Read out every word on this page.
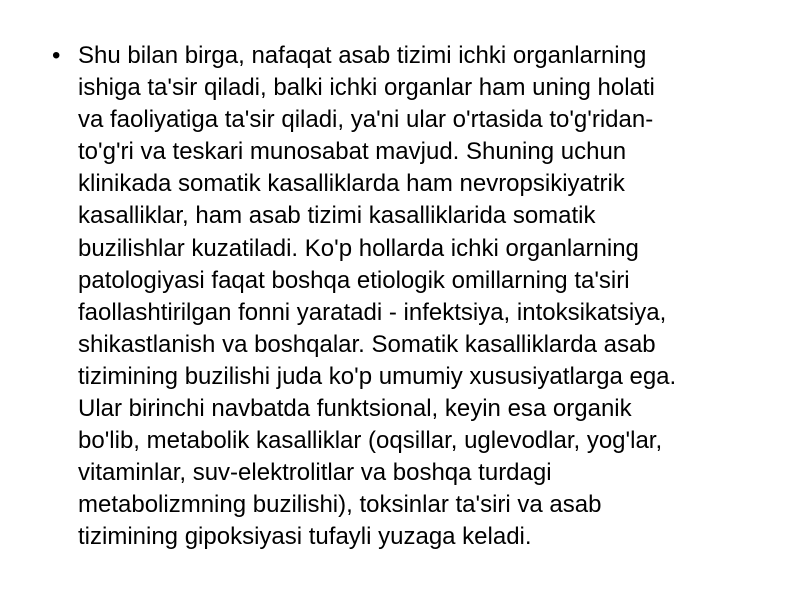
• Shu bilan birga, nafaqat asab tizimi ichki organlarning
ishiga ta'sir qiladi, balki ichki organlar ham uning holati
va faoliyatiga ta'sir qiladi, ya'ni ular o'rtasida to'g'ridan-
to'g'ri va teskari munosabat mavjud. Shuning uchun
klinikada somatik kasalliklarda ham nevropsikiyatrik
kasalliklar, ham asab tizimi kasalliklarida somatik
buzilishlar kuzatiladi. Ko'p hollarda ichki organlarning
patologiyasi faqat boshqa etiologik omillarning ta'siri
faollashtirilgan fonni yaratadi - infektsiya, intoksikatsiya,
shikastlanish va boshqalar. Somatik kasalliklarda asab
tizimining buzilishi juda ko'p umumiy xususiyatlarga ega.
Ular birinchi navbatda funktsional, keyin esa organik
bo'lib, metabolik kasalliklar (oqsillar, uglevodlar, yog'lar,
vitaminlar, suv-elektrolitlar va boshqa turdagi
metabolizmning buzilishi), toksinlar ta'siri va asab
tizimining gipoksiyasi tufayli yuzaga keladi.
